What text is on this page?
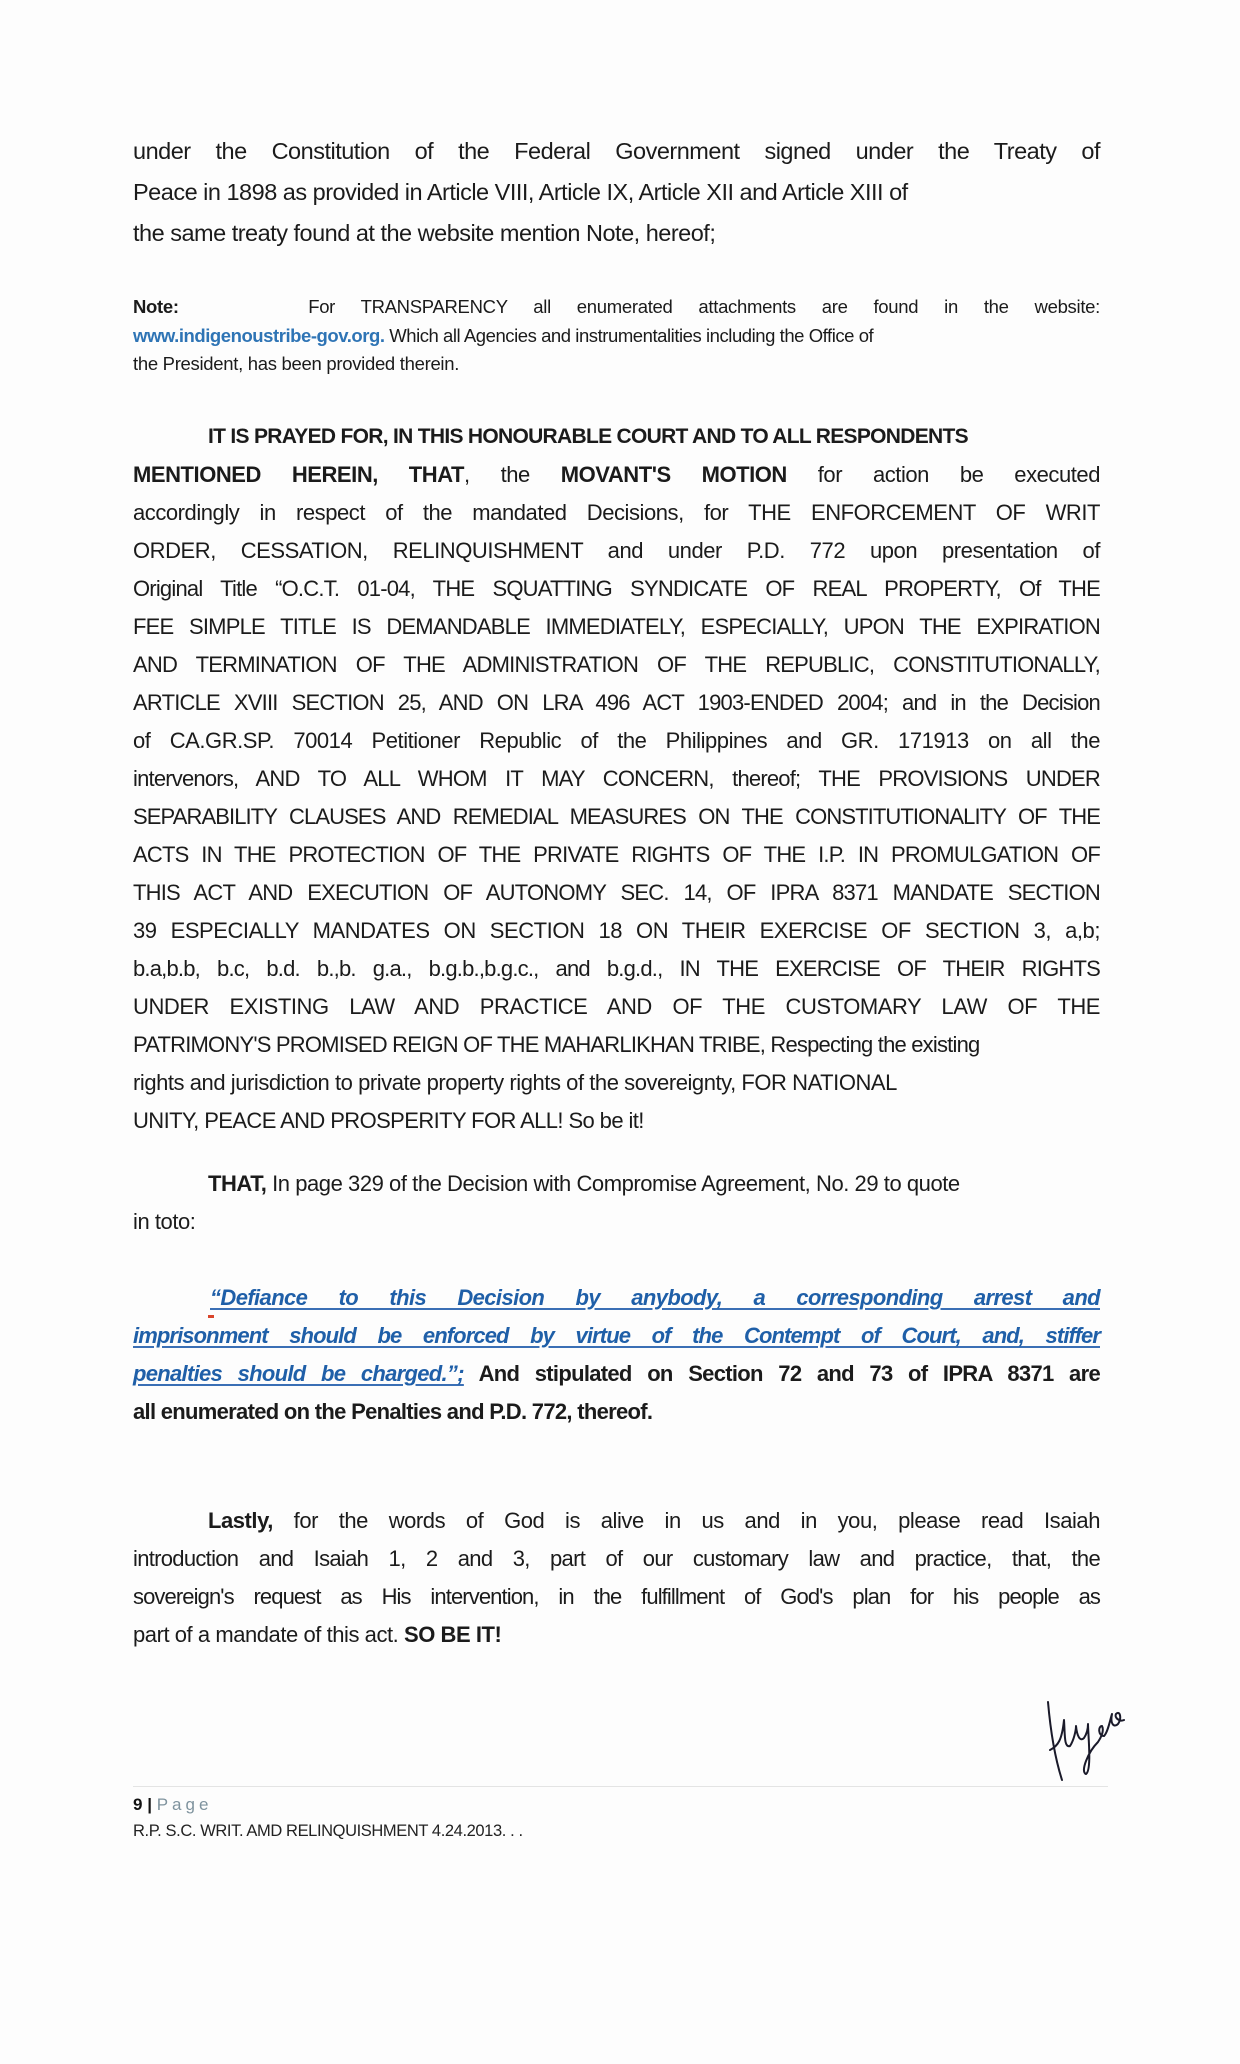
under the Constitution of the Federal Government signed under the Treaty of
Peace in 1898 as provided in Article VIII, Article IX, Article XII and Article XIII of
the same treaty found at the website mention Note, hereof;
Note:	For TRANSPARENCY all enumerated attachments are found in the website:
www.indigenoustribe-gov.org. Which all Agencies and instrumentalities including the Office of
the President, has been provided therein.
IT IS PRAYED FOR, IN THIS HONOURABLE COURT AND TO ALL RESPONDENTS
MENTIONED HEREIN, THAT, the MOVANT'S MOTION for action be executed
accordingly in respect of the mandated Decisions, for THE ENFORCEMENT OF WRIT
ORDER, CESSATION, RELINQUISHMENT and under P.D. 772 upon presentation of
Original Title “O.C.T. 01-04, THE SQUATTING SYNDICATE OF REAL PROPERTY, Of THE
FEE SIMPLE TITLE IS DEMANDABLE IMMEDIATELY, ESPECIALLY, UPON THE EXPIRATION
AND TERMINATION OF THE ADMINISTRATION OF THE REPUBLIC, CONSTITUTIONALLY,
ARTICLE XVIII SECTION 25, AND ON LRA 496 ACT 1903-ENDED 2004; and in the Decision
of CA.GR.SP. 70014 Petitioner Republic of the Philippines and GR. 171913 on all the
intervenors, AND TO ALL WHOM IT MAY CONCERN, thereof; THE PROVISIONS UNDER
SEPARABILITY CLAUSES AND REMEDIAL MEASURES ON THE CONSTITUTIONALITY OF THE
ACTS IN THE PROTECTION OF THE PRIVATE RIGHTS OF THE I.P. IN PROMULGATION OF
THIS ACT AND EXECUTION OF AUTONOMY SEC. 14, OF IPRA 8371 MANDATE SECTION
39 ESPECIALLY MANDATES ON SECTION 18 ON THEIR EXERCISE OF SECTION 3, a,b;
b.a,b.b, b.c, b.d. b.,b. g.a., b.g.b.,b.g.c., and b.g.d., IN THE EXERCISE OF THEIR RIGHTS
UNDER EXISTING LAW AND PRACTICE AND OF THE CUSTOMARY LAW OF THE
PATRIMONY'S PROMISED REIGN OF THE MAHARLIKHAN TRIBE, Respecting the existing
rights and jurisdiction to private property rights of the sovereignty, FOR NATIONAL
UNITY, PEACE AND PROSPERITY FOR ALL! So be it!
THAT, In page 329 of the Decision with Compromise Agreement, No. 29 to quote
in toto:
“Defiance to this Decision by anybody, a corresponding arrest and
imprisonment should be enforced by virtue of the Contempt of Court, and, stiffer
penalties should be charged.”; And stipulated on Section 72 and 73 of IPRA 8371 are
all enumerated on the Penalties and P.D. 772, thereof.
Lastly, for the words of God is alive in us and in you, please read Isaiah
introduction and Isaiah 1, 2 and 3, part of our customary law and practice, that, the
sovereign's request as His intervention, in the fulfillment of God's plan for his people as
part of a mandate of this act. SO BE IT!
9 | Page
R.P. S.C. WRIT. AMD RELINQUISHMENT 4.24.2013. . .
